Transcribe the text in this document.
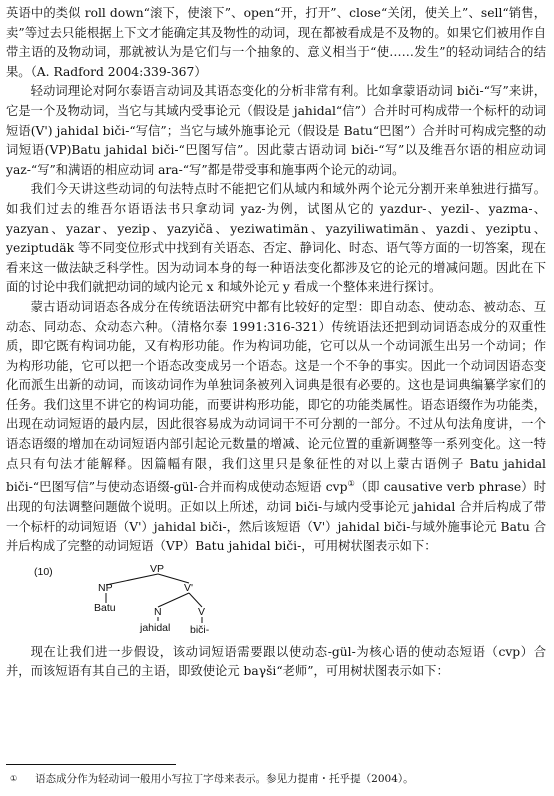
英语中的类似 roll down“滚下，使滚下”、open“开，打开”、close“关闭，使关上”、sell“销售，卖”等过去只能根据上下文才能确定其及物性的动词，现在都被看成是不及物的。如果它们被用作自带主语的及物动词，那就被认为是它们与一个抽象的、意义相当于“使……发生”的轻动词结合的结果。（A. Radford 2004:339-367）

轻动词理论对阿尔泰语言动词及其语态变化的分析非常有利。比如拿蒙语动词 biči-“写”来讲，它是一个及物动词，当它与其域内受事论元（假设是 jahidal“信”）合并时可构成带一个标杆的动词短语(V') jahidal biči-“写信”；当它与域外施事论元（假设是 Batu“巴图”）合并时可构成完整的动词短语(VP)Batu jahidal biči-“巴图写信”。因此蒙古语动词 biči-“写”以及维吾尔语的相应动词 yaz-“写”和满语的相应动词 ara-“写”都是带受事和施事两个论元的动词。

我们今天讲这些动词的句法特点时不能把它们从域内和域外两个论元分割开来单独进行描写。如我们过去的维吾尔语语法书只拿动词 yaz-为例，试图从它的 yazdur-、yezil-、yazma-、yazyan、yazar、yezip、yazyičä、yeziwatimän、yazyiliwatimän、yazdi、yeziptu、yeziptudäk 等不同变位形式中找到有关语态、否定、静词化、时态、语气等方面的一切答案，现在看来这一做法缺乏科学性。因为动词本身的每一种语法变化都涉及它的论元的增减问题。因此在下面的讨论中我们就把动词的域内论元 x 和域外论元 y 看成一个整体来进行探讨。

蒙古语动词语态各成分在传统语法研究中都有比较好的定型：即自动态、使动态、被动态、互动态、同动态、众动态六种。（清格尔泰 1991:316-321）传统语法还把到动词语态成分的双重性质，即它既有构词功能，又有构形功能。作为构词功能，它可以从一个动词派生出另一个动词；作为构形功能，它可以把一个语态改变成另一个语态。这是一个不争的事实。因此一个动词因语态变化而派生出新的动词，而该动词作为单独词条被列入词典是很有必要的。这也是词典编纂学家们的任务。我们这里不讲它的构词功能，而要讲构形功能，即它的功能类属性。语态语缀作为功能类，出现在动词短语的最内层，因此很容易成为动词词干不可分割的一部分。不过从句法角度讲，一个语态语缀的增加在动词短语内部引起论元数量的增减、论元位置的重新调整等一系列变化。这一特点只有句法才能解释。因篇幅有限，我们这里只是象征性的对以上蒙古语例子 Batu jahidal biči-“巴图写信”与使动态语缀-gül-合并而构成使动态短语 cvp①（即 causative verb phrase）时出现的句法调整问题做个说明。正如以上所述，动词 biči-与域内受事论元 jahidal 合并后构成了带一个标杆的动词短语（V'）jahidal biči-，然后该短语（V'）jahidal biči-与域外施事论元 Batu 合并后构成了完整的动词短语（VP）Batu jahidal biči-，可用树状图表示如下：

(10)	VP
NP	V'
Batu	N	V
jahidal biči-

现在让我们进一步假设，该动词短语需要跟以使动态-gül-为核心语的使动态短语（cvp）合并，而该短语有其自己的主语，即致使论元 baγši“老师”，可用树状图表示如下：

① 语态成分作为轻动词一般用小写拉丁字母来表示。参见力提甫・托乎提（2004）。
